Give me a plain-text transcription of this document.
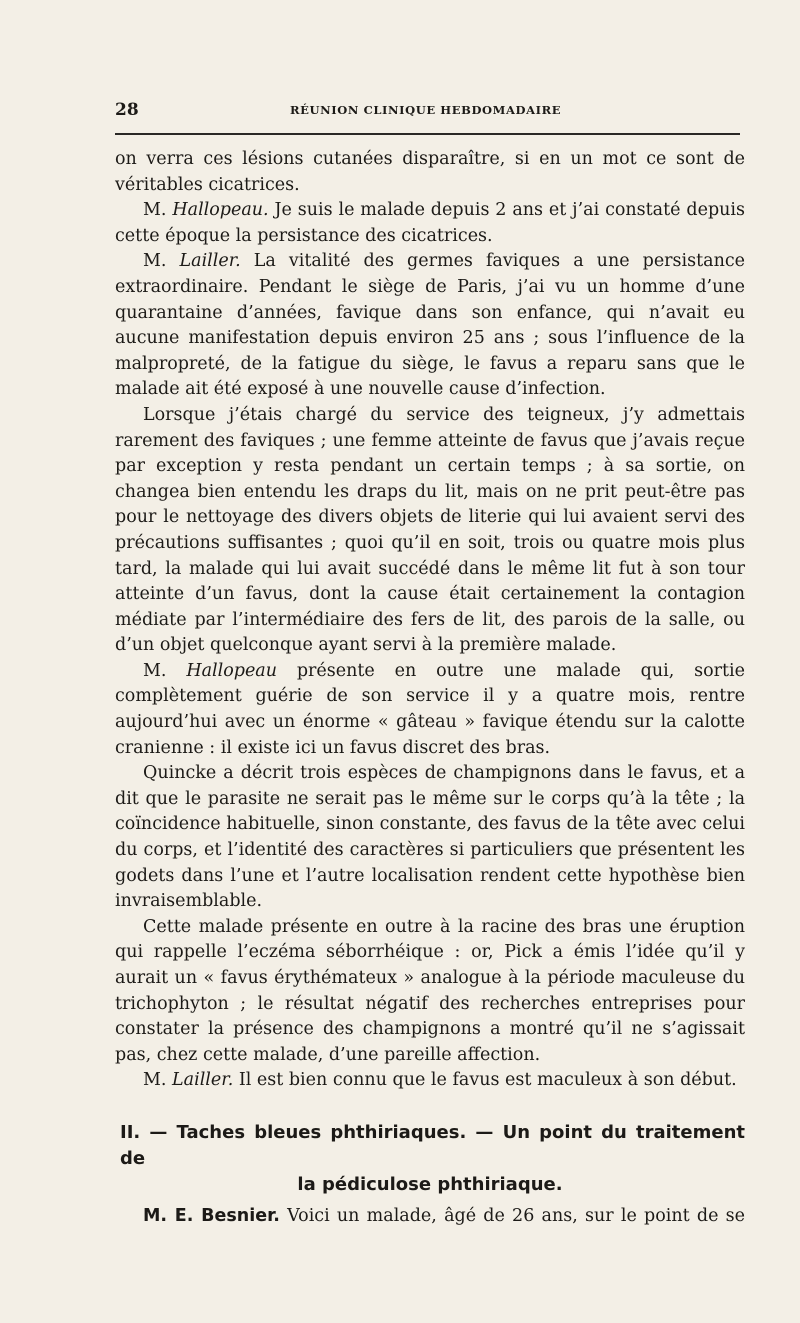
28	RÉUNION CLINIQUE HEBDOMADAIRE

on verra ces lésions cutanées disparaître, si en un mot ce sont de véritables cicatrices.

M. Hallopeau. Je suis le malade depuis 2 ans et j’ai constaté depuis cette époque la persistance des cicatrices.

M. Lailler. La vitalité des germes faviques a une persistance extraordinaire. Pendant le siège de Paris, j’ai vu un homme d’une quarantaine d’années, favique dans son enfance, qui n’avait eu aucune manifestation depuis environ 25 ans ; sous l’influence de la malpropreté, de la fatigue du siège, le favus a reparu sans que le malade ait été exposé à une nouvelle cause d’infection.

Lorsque j’étais chargé du service des teigneux, j’y admettais rarement des faviques ; une femme atteinte de favus que j’avais reçue par exception y resta pendant un certain temps ; à sa sortie, on changea bien entendu les draps du lit, mais on ne prit peut-être pas pour le nettoyage des divers objets de literie qui lui avaient servi des précautions suffisantes ; quoi qu’il en soit, trois ou quatre mois plus tard, la malade qui lui avait succédé dans le même lit fut à son tour atteinte d’un favus, dont la cause était certainement la contagion médiate par l’intermédiaire des fers de lit, des parois de la salle, ou d’un objet quelconque ayant servi à la première malade.

M. Hallopeau présente en outre une malade qui, sortie complètement guérie de son service il y a quatre mois, rentre aujourd’hui avec un énorme « gâteau » favique étendu sur la calotte cranienne : il existe ici un favus discret des bras.

Quincke a décrit trois espèces de champignons dans le favus, et a dit que le parasite ne serait pas le même sur le corps qu’à la tête ; la coïncidence habituelle, sinon constante, des favus de la tête avec celui du corps, et l’identité des caractères si particuliers que présentent les godets dans l’une et l’autre localisation rendent cette hypothèse bien invraisemblable.

Cette malade présente en outre à la racine des bras une éruption qui rappelle l’eczéma séborrhéique : or, Pick a émis l’idée qu’il y aurait un « favus érythémateux » analogue à la période maculeuse du trichophyton ; le résultat négatif des recherches entreprises pour constater la présence des champignons a montré qu’il ne s’agissait pas, chez cette malade, d’une pareille affection.

M. Lailler. Il est bien connu que le favus est maculeux à son début.

II. — Taches bleues phthiriaques. — Un point du traitement de
la pédiculose phthiriaque.

M. E. Besnier. Voici un malade, âgé de 26 ans, sur le point de se
